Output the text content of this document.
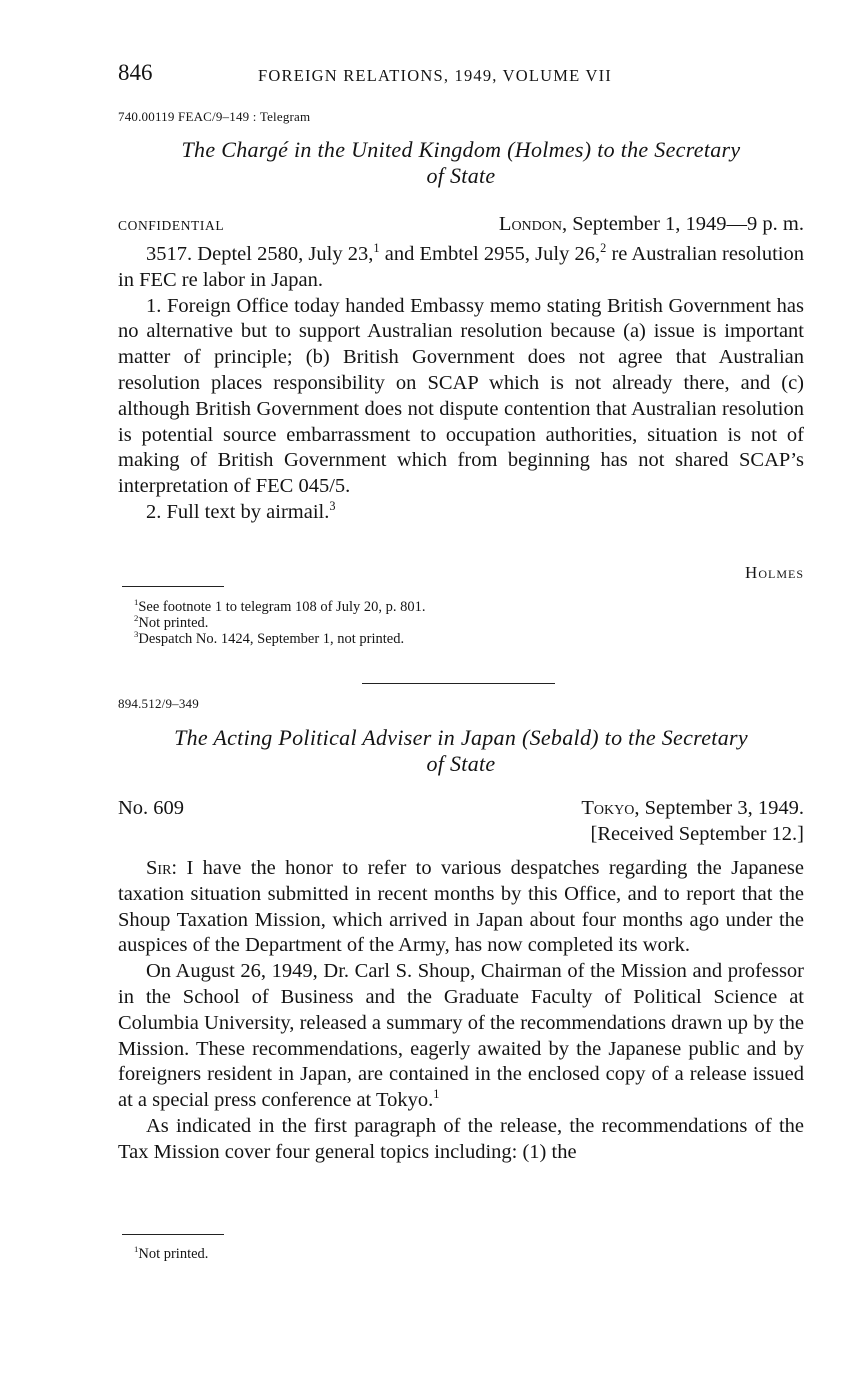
846	FOREIGN RELATIONS, 1949, VOLUME VII
740.00119 FEAC/9–149 : Telegram
The Chargé in the United Kingdom (Holmes) to the Secretary
of State
CONFIDENTIAL	London, September 1, 1949—9 p. m.

3517. Deptel 2580, July 23,$^1$ and Embtel 2955, July 26,$^2$ re Australian resolution in FEC re labor in Japan.

1. Foreign Office today handed Embassy memo stating British Government has no alternative but to support Australian resolution because (a) issue is important matter of principle; (b) British Government does not agree that Australian resolution places responsibility on SCAP which is not already there, and (c) although British Government does not dispute contention that Australian resolution is potential source embarrassment to occupation authorities, situation is not of making of British Government which from beginning has not shared SCAP’s interpretation of FEC 045/5.

2. Full text by airmail.$^3$

Holmes
$^1$See footnote 1 to telegram 108 of July 20, p. 801.
$^2$Not printed.
$^3$Despatch No. 1424, September 1, not printed.
894.512/9–349
The Acting Political Adviser in Japan (Sebald) to the Secretary
of State
No. 609	Tokyo, September 3, 1949.
[Received September 12.]

Sir: I have the honor to refer to various despatches regarding the Japanese taxation situation submitted in recent months by this Office, and to report that the Shoup Taxation Mission, which arrived in Japan about four months ago under the auspices of the Department of the Army, has now completed its work.

On August 26, 1949, Dr. Carl S. Shoup, Chairman of the Mission and professor in the School of Business and the Graduate Faculty of Political Science at Columbia University, released a summary of the recommendations drawn up by the Mission. These recommendations, eagerly awaited by the Japanese public and by foreigners resident in Japan, are contained in the enclosed copy of a release issued at a special press conference at Tokyo.$^1$

As indicated in the first paragraph of the release, the recommendations of the Tax Mission cover four general topics including: (1) the

$^1$Not printed.
